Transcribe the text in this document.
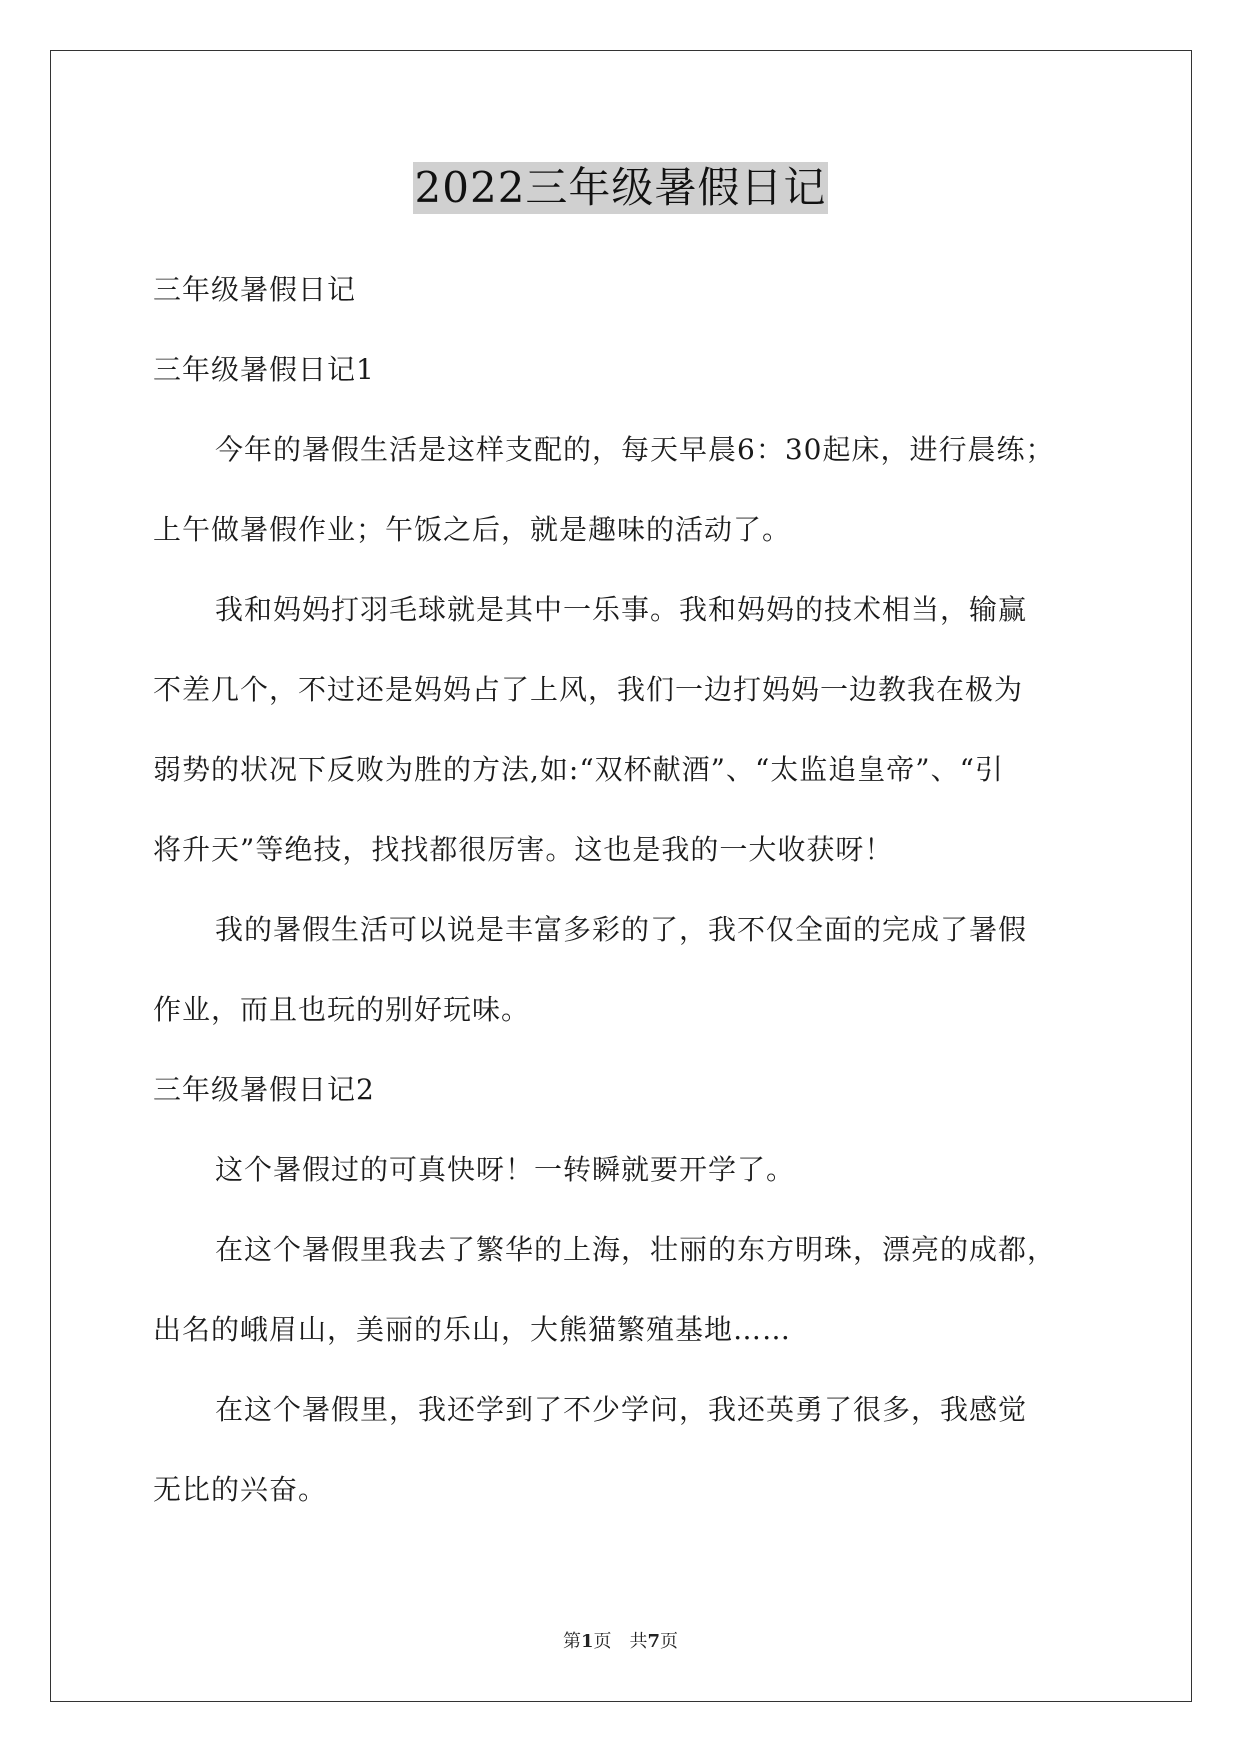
2022三年级暑假日记
三年级暑假日记
三年级暑假日记1
今年的暑假生活是这样支配的，每天早晨6：30起床，进行晨练；
上午做暑假作业；午饭之后，就是趣味的活动了。
我和妈妈打羽毛球就是其中一乐事。我和妈妈的技术相当，输赢
不差几个，不过还是妈妈占了上风，我们一边打妈妈一边教我在极为
弱势的状况下反败为胜的方法,如:“双杯献酒”、“太监追皇帝”、“引
将升天”等绝技，找找都很厉害。这也是我的一大收获呀！
我的暑假生活可以说是丰富多彩的了，我不仅全面的完成了暑假
作业，而且也玩的别好玩味。
三年级暑假日记2
这个暑假过的可真快呀！一转瞬就要开学了。
在这个暑假里我去了繁华的上海，壮丽的东方明珠，漂亮的成都，
出名的峨眉山，美丽的乐山，大熊猫繁殖基地……
在这个暑假里，我还学到了不少学问，我还英勇了很多，我感觉
无比的兴奋。
第1页 共7页
